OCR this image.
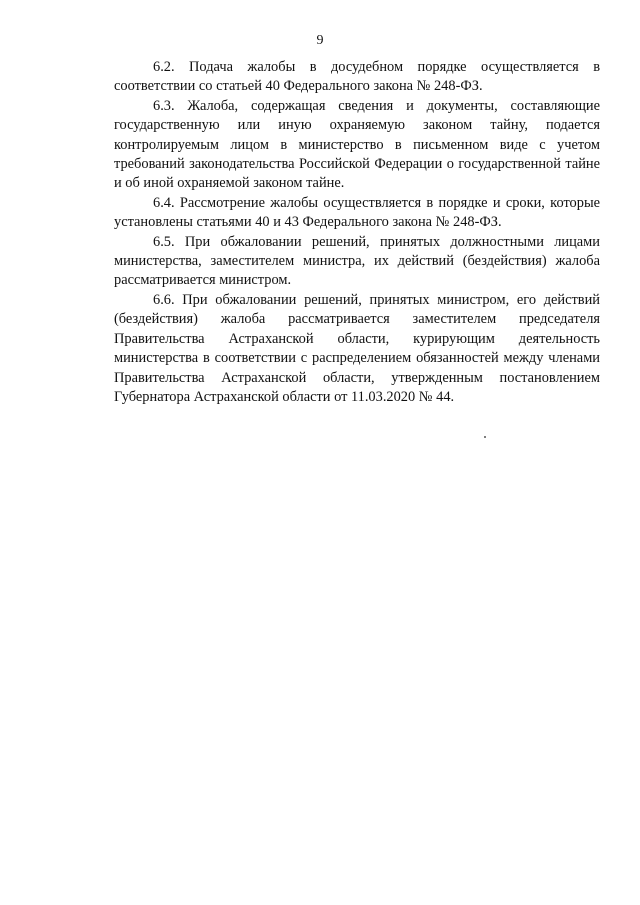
9

6.2. Подача жалобы в досудебном порядке осуществляется в соответствии со статьей 40 Федерального закона № 248-ФЗ.

6.3. Жалоба, содержащая сведения и документы, составляющие государственную или иную охраняемую законом тайну, подается контролируемым лицом в министерство в письменном виде с учетом требований законодательства Российской Федерации о государственной тайне и об иной охраняемой законом тайне.

6.4. Рассмотрение жалобы осуществляется в порядке и сроки, которые установлены статьями 40 и 43 Федерального закона № 248-ФЗ.

6.5. При обжаловании решений, принятых должностными лицами министерства, заместителем министра, их действий (бездействия) жалоба рассматривается министром.

6.6. При обжаловании решений, принятых министром, его действий (бездействия) жалоба рассматривается заместителем председателя Правительства Астраханской области, курирующим деятельность министерства в соответствии с распределением обязанностей между членами Правительства Астраханской области, утвержденным постановлением Губернатора Астраханской области от 11.03.2020 № 44.
